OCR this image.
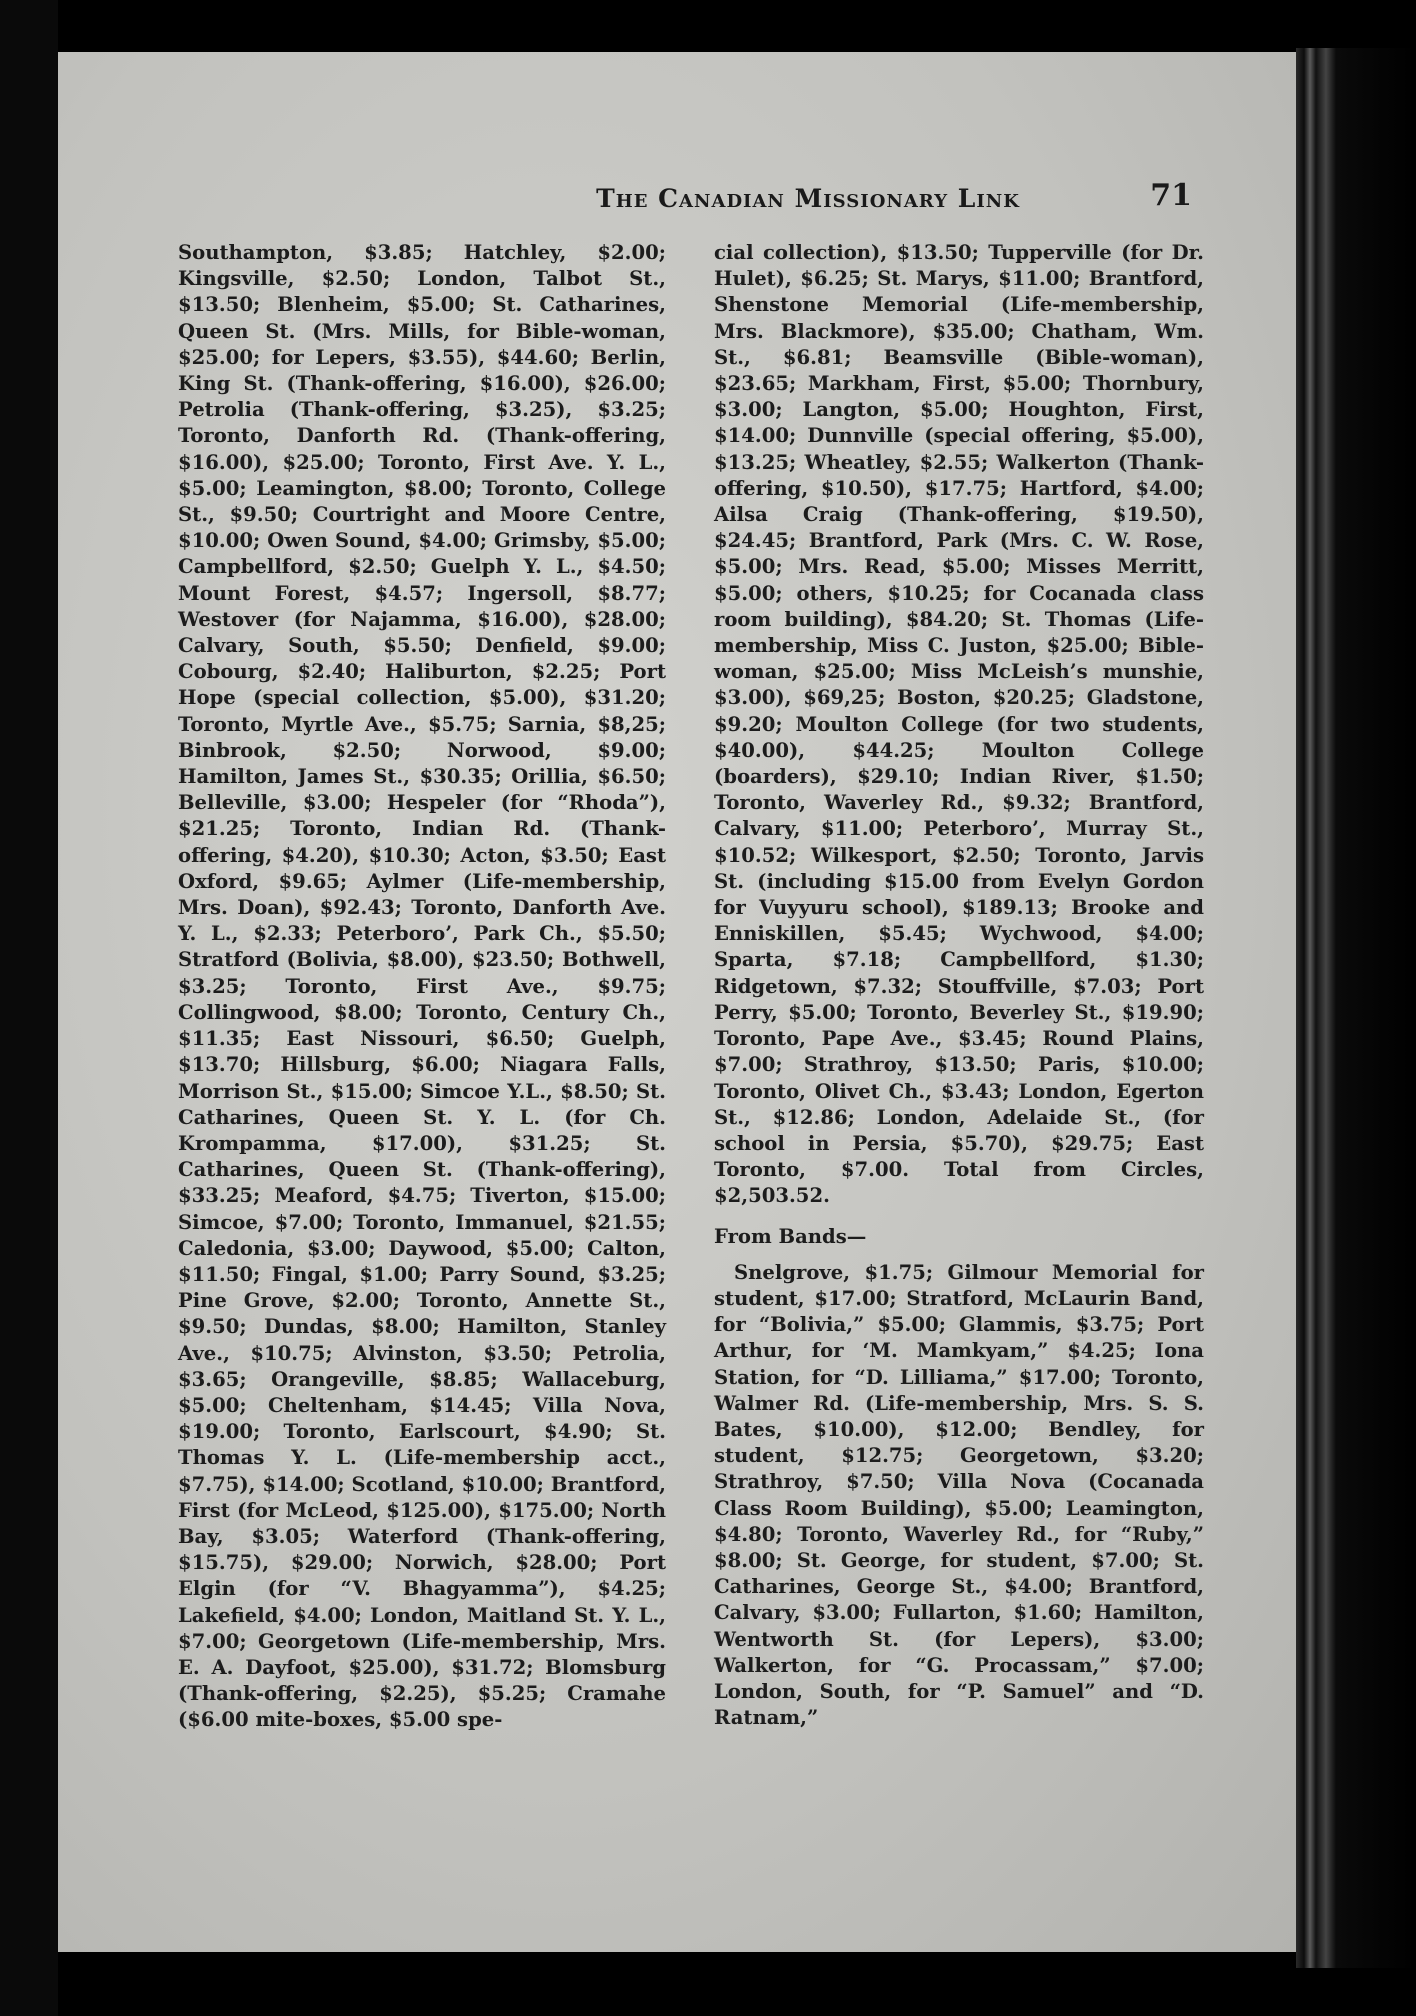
The Canadian Missionary Link	71

Southampton, $3.85; Hatchley, $2.00; Kingsville, $2.50; London, Talbot St., $13.50; Blenheim, $5.00; St. Catharines, Queen St. (Mrs. Mills, for Bible-woman, $25.00; for Lepers, $3.55), $44.60; Berlin, King St. (Thank-offering, $16.00), $26.00; Petrolia (Thank-offering, $3.25), $3.25; Toronto, Danforth Rd. (Thank-offering, $16.00), $25.00; Toronto, First Ave. Y. L., $5.00; Leamington, $8.00; Toronto, College St., $9.50; Courtright and Moore Centre, $10.00; Owen Sound, $4.00; Grimsby, $5.00; Campbellford, $2.50; Guelph Y. L., $4.50; Mount Forest, $4.57; Ingersoll, $8.77; Westover (for Najamma, $16.00), $28.00; Calvary, South, $5.50; Denfield, $9.00; Cobourg, $2.40; Haliburton, $2.25; Port Hope (special collection, $5.00), $31.20; Toronto, Myrtle Ave., $5.75; Sarnia, $8,25; Binbrook, $2.50; Norwood, $9.00; Hamilton, James St., $30.35; Orillia, $6.50; Belleville, $3.00; Hespeler (for “Rhoda”), $21.25; Toronto, Indian Rd. (Thank-offering, $4.20), $10.30; Acton, $3.50; East Oxford, $9.65; Aylmer (Life-membership, Mrs. Doan), $92.43; Toronto, Danforth Ave. Y. L., $2.33; Peterboro’, Park Ch., $5.50; Stratford (Bolivia, $8.00), $23.50; Bothwell, $3.25; Toronto, First Ave., $9.75; Collingwood, $8.00; Toronto, Century Ch., $11.35; East Nissouri, $6.50; Guelph, $13.70; Hillsburg, $6.00; Niagara Falls, Morrison St., $15.00; Simcoe Y.L., $8.50; St. Catharines, Queen St. Y. L. (for Ch. Krompamma, $17.00), $31.25; St. Catharines, Queen St. (Thank-offering), $33.25; Meaford, $4.75; Tiverton, $15.00; Simcoe, $7.00; Toronto, Immanuel, $21.55; Caledonia, $3.00; Daywood, $5.00; Calton, $11.50; Fingal, $1.00; Parry Sound, $3.25; Pine Grove, $2.00; Toronto, Annette St., $9.50; Dundas, $8.00; Hamilton, Stanley Ave., $10.75; Alvinston, $3.50; Petrolia, $3.65; Orangeville, $8.85; Wallaceburg, $5.00; Cheltenham, $14.45; Villa Nova, $19.00; Toronto, Earlscourt, $4.90; St. Thomas Y. L. (Life-membership acct., $7.75), $14.00; Scotland, $10.00; Brantford, First (for McLeod, $125.00), $175.00; North Bay, $3.05; Waterford (Thank-offering, $15.75), $29.00; Norwich, $28.00; Port Elgin (for “V. Bhagyamma”), $4.25; Lakefield, $4.00; London, Maitland St. Y. L., $7.00; Georgetown (Life-membership, Mrs. E. A. Dayfoot, $25.00), $31.72; Blomsburg (Thank-offering, $2.25), $5.25; Cramahe ($6.00 mite-boxes, $5.00 spe-

cial collection), $13.50; Tupperville (for Dr. Hulet), $6.25; St. Marys, $11.00; Brantford, Shenstone Memorial (Life-membership, Mrs. Blackmore), $35.00; Chatham, Wm. St., $6.81; Beamsville (Bible-woman), $23.65; Markham, First, $5.00; Thornbury, $3.00; Langton, $5.00; Houghton, First, $14.00; Dunnville (special offering, $5.00), $13.25; Wheatley, $2.55; Walkerton (Thank-offering, $10.50), $17.75; Hartford, $4.00; Ailsa Craig (Thank-offering, $19.50), $24.45; Brantford, Park (Mrs. C. W. Rose, $5.00; Mrs. Read, $5.00; Misses Merritt, $5.00; others, $10.25; for Cocanada class room building), $84.20; St. Thomas (Life-membership, Miss C. Juston, $25.00; Bible-woman, $25.00; Miss McLeish’s munshie, $3.00), $69,25; Boston, $20.25; Gladstone, $9.20; Moulton College (for two students, $40.00), $44.25; Moulton College (boarders), $29.10; Indian River, $1.50; Toronto, Waverley Rd., $9.32; Brantford, Calvary, $11.00; Peterboro’, Murray St., $10.52; Wilkesport, $2.50; Toronto, Jarvis St. (including $15.00 from Evelyn Gordon for Vuyyuru school), $189.13; Brooke and Enniskillen, $5.45; Wychwood, $4.00; Sparta, $7.18; Campbellford, $1.30; Ridgetown, $7.32; Stouffville, $7.03; Port Perry, $5.00; Toronto, Beverley St., $19.90; Toronto, Pape Ave., $3.45; Round Plains, $7.00; Strathroy, $13.50; Paris, $10.00; Toronto, Olivet Ch., $3.43; London, Egerton St., $12.86; London, Adelaide St., (for school in Persia, $5.70), $29.75; East Toronto, $7.00. Total from Circles, $2,503.52.

From Bands—

Snelgrove, $1.75; Gilmour Memorial for student, $17.00; Stratford, McLaurin Band, for “Bolivia,” $5.00; Glammis, $3.75; Port Arthur, for ‘M. Mamkyam,” $4.25; Iona Station, for “D. Lilliama,” $17.00; Toronto, Walmer Rd. (Life-membership, Mrs. S. S. Bates, $10.00), $12.00; Bendley, for student, $12.75; Georgetown, $3.20; Strathroy, $7.50; Villa Nova (Cocanada Class Room Building), $5.00; Leamington, $4.80; Toronto, Waverley Rd., for “Ruby,” $8.00; St. George, for student, $7.00; St. Catharines, George St., $4.00; Brantford, Calvary, $3.00; Fullarton, $1.60; Hamilton, Wentworth St. (for Lepers), $3.00; Walkerton, for “G. Procassam,” $7.00; London, South, for “P. Samuel” and “D. Ratnam,”
